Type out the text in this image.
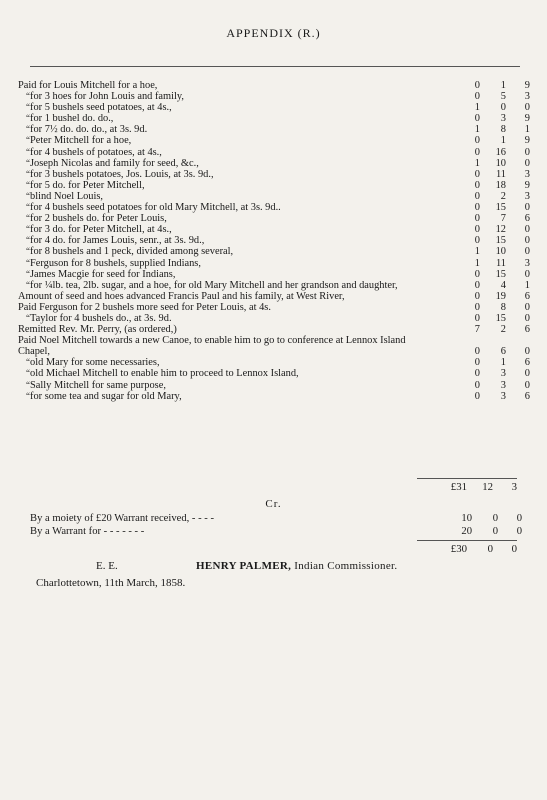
APPENDIX (R.)
Paid for Louis Mitchell for a hoe,	0	1	9
“ for 3 hoes for John Louis and family,	0	5	3
“ for 5 bushels seed potatoes, at 4s.,	1	0	0
“ for 1 bushel do. do.,	0	3	9
“ for 7½ do. do. do., at 3s. 9d.	1	8	1
“ Peter Mitchell for a hoe,	0	1	9
“ for 4 bushels of potatoes, at 4s.,	0	16	0
“ Joseph Nicolas and family for seed, &c.,	1	10	0
“ for 3 bushels potatoes, Jos. Louis, at 3s. 9d.,	0	11	3
“ for 5 do. for Peter Mitchell,	0	18	9
“ blind Noel Louis,	0	2	3
“ for 4 bushels seed potatoes for old Mary Mitchell, at 3s. 9d..	0	15	0
“ for 2 bushels do. for Peter Louis,	0	7	6
“ for 3 do. for Peter Mitchell, at 4s.,	0	12	0
“ for 4 do. for James Louis, senr., at 3s. 9d.,	0	15	0
“ for 8 bushels and 1 peck, divided among several,	1	10	0
“ Ferguson for 8 bushels, supplied Indians,	1	11	3
“ James Macgie for seed for Indians,	0	15	0
“ for ¼lb. tea, 2lb. sugar, and a hoe, for old Mary Mitchell and her grandson and daughter,	0	4	1
Amount of seed and hoes advanced Francis Paul and his family, at West River,	0	19	6
Paid Ferguson for 2 bushels more seed for Peter Louis, at 4s.	0	8	0
“ Taylor for 4 bushels do., at 3s. 9d.	0	15	0
Remitted Rev. Mr. Perry, (as ordered,)	7	2	6
Paid Noel Mitchell towards a new Canoe, to enable him to go to conference at Lennox Island Chapel,	0	6	0
“ old Mary for some necessaries,	0	1	6
“ old Michael Mitchell to enable him to proceed to Lennox Island,	0	3	0
“ Sally Mitchell for same purpose,	0	3	0
“ for some tea and sugar for old Mary,	0	3	6
£31	12	3
Cr.
By a moiety of £20 Warrant received, - - - -	10	0	0
By a Warrant for - - - - - - -	20	0	0
£30	0	0
E. E.	HENRY PALMER, Indian Commissioner.
Charlottetown, 11th March, 1858.
